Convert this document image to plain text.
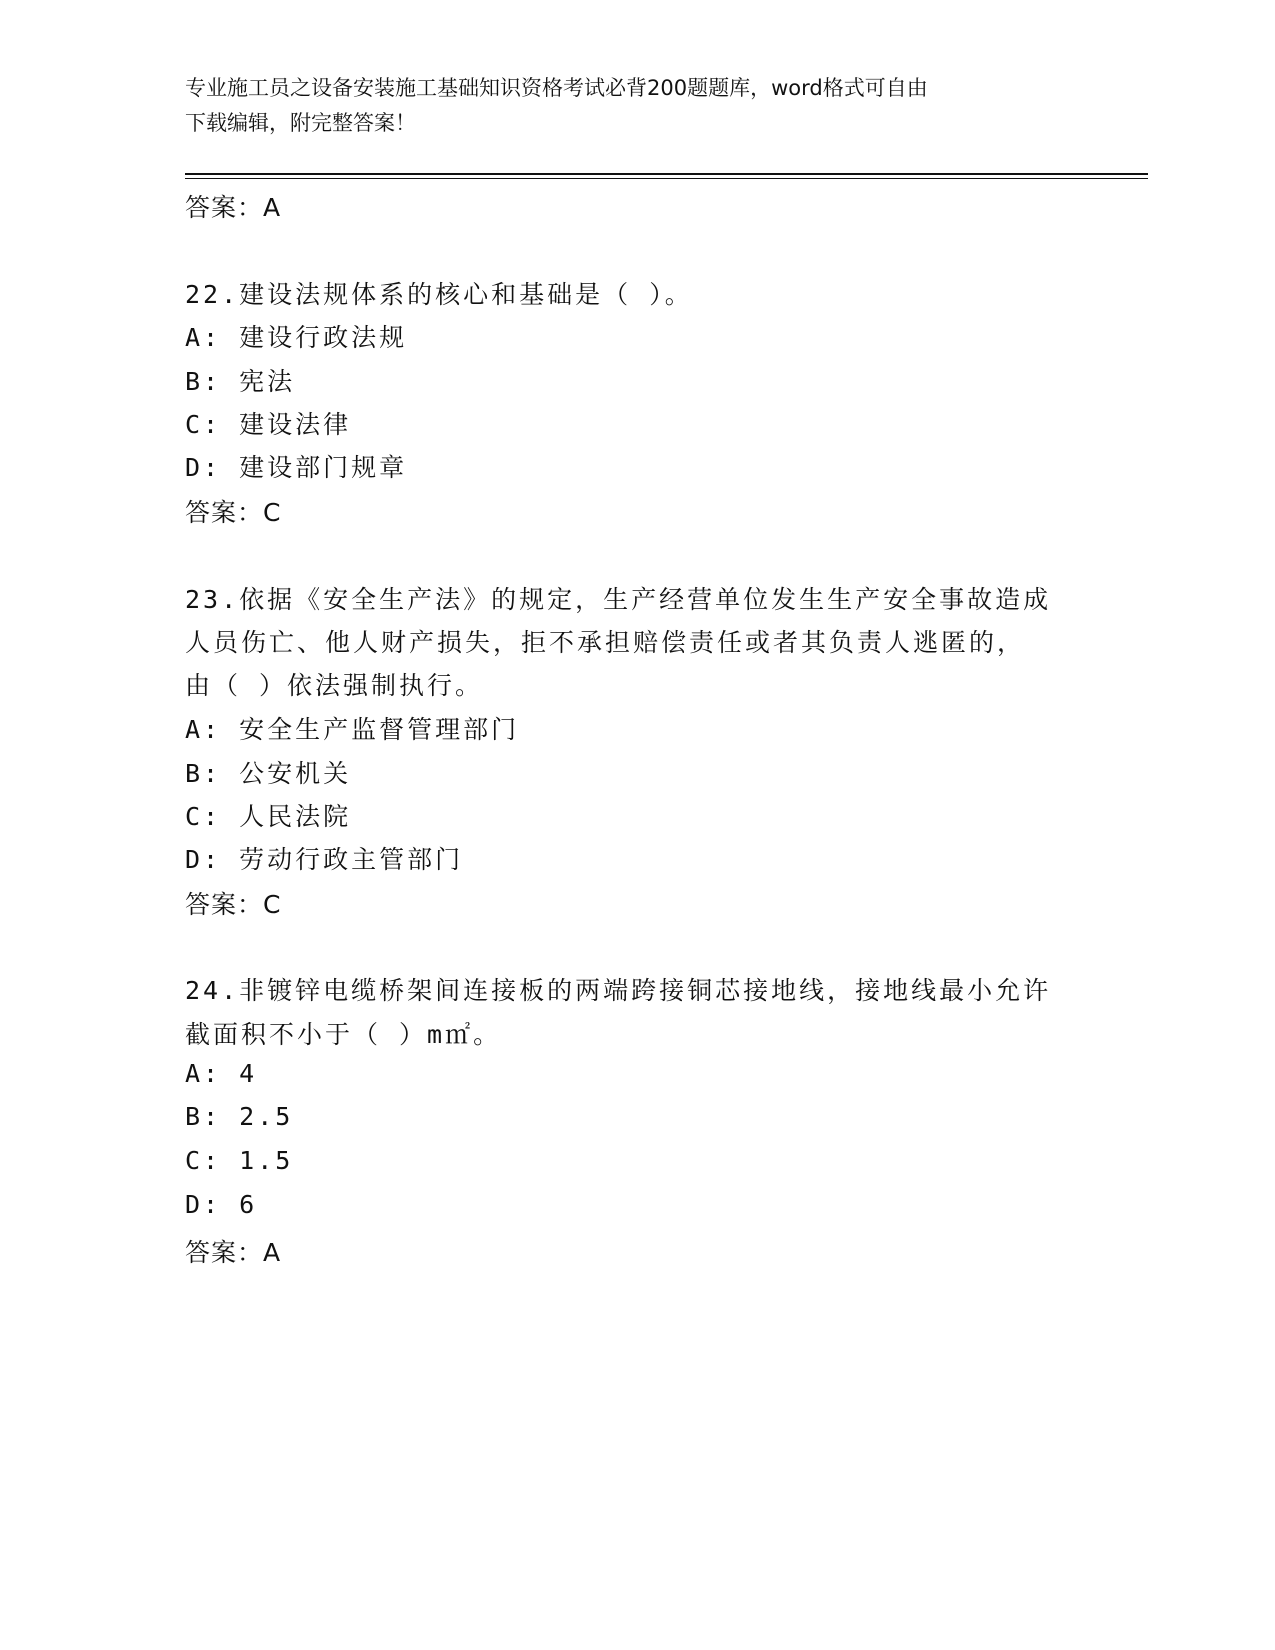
专业施工员之设备安装施工基础知识资格考试必背200题题库，word格式可自由
下载编辑，附完整答案！
答案：A
22.建设法规体系的核心和基础是（ ）。
A: 建设行政法规
B: 宪法
C: 建设法律
D: 建设部门规章
答案：C
23.依据《安全生产法》的规定，生产经营单位发生生产安全事故造成
人员伤亡、他人财产损失，拒不承担赔偿责任或者其负责人逃匿的，
由（ ）依法强制执行。
A: 安全生产监督管理部门
B: 公安机关
C: 人民法院
D: 劳动行政主管部门
答案：C
24.非镀锌电缆桥架间连接板的两端跨接铜芯接地线，接地线最小允许
截面积不小于（ ）m㎡。
A: 4
B: 2.5
C: 1.5
D: 6
答案：A
